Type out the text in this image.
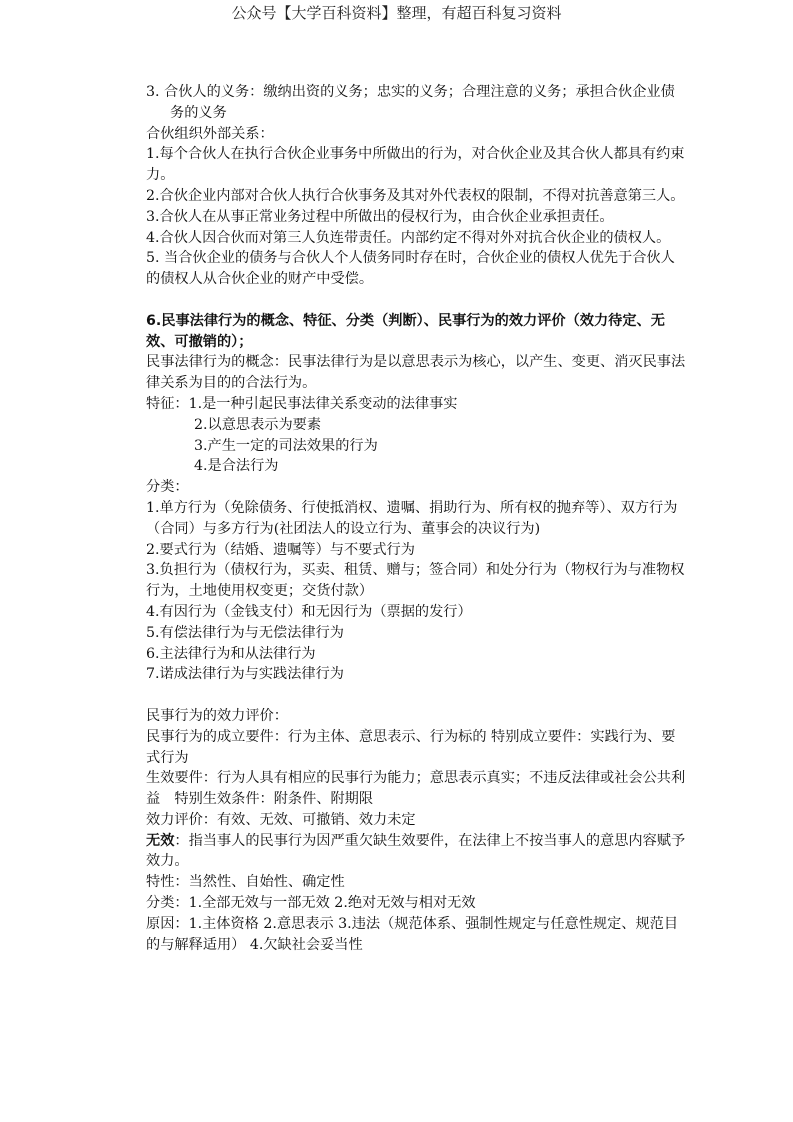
公众号【大学百科资料】整理，有超百科复习资料

3. 合伙人的义务：缴纳出资的义务；忠实的义务；合理注意的义务；承担合伙企业债务的义务

合伙组织外部关系：

1.每个合伙人在执行合伙企业事务中所做出的行为，对合伙企业及其合伙人都具有约束力。

2.合伙企业内部对合伙人执行合伙事务及其对外代表权的限制，不得对抗善意第三人。

3.合伙人在从事正常业务过程中所做出的侵权行为，由合伙企业承担责任。

4.合伙人因合伙而对第三人负连带责任。内部约定不得对外对抗合伙企业的债权人。

5. 当合伙企业的债务与合伙人个人债务同时存在时，合伙企业的债权人优先于合伙人的债权人从合伙企业的财产中受偿。

6.民事法律行为的概念、特征、分类（判断）、民事行为的效力评价（效力待定、无效、可撤销的）；

民事法律行为的概念：民事法律行为是以意思表示为核心，以产生、变更、消灭民事法律关系为目的的合法行为。

特征：1.是一种引起民事法律关系变动的法律事实

2.以意思表示为要素

3.产生一定的司法效果的行为

4.是合法行为

分类：

1.单方行为（免除债务、行使抵消权、遗嘱、捐助行为、所有权的抛弃等）、双方行为（合同）与多方行为(社团法人的设立行为、董事会的决议行为)

2.要式行为（结婚、遗嘱等）与不要式行为

3.负担行为（债权行为，买卖、租赁、赠与；签合同）和处分行为（物权行为与准物权行为，土地使用权变更；交货付款）

4.有因行为（金钱支付）和无因行为（票据的发行）

5.有偿法律行为与无偿法律行为

6.主法律行为和从法律行为

7.诺成法律行为与实践法律行为

民事行为的效力评价：

民事行为的成立要件：行为主体、意思表示、行为标的 特别成立要件：实践行为、要式行为

生效要件：行为人具有相应的民事行为能力；意思表示真实；不违反法律或社会公共利益　特别生效条件：附条件、附期限

效力评价：有效、无效、可撤销、效力未定

无效：指当事人的民事行为因严重欠缺生效要件，在法律上不按当事人的意思内容赋予效力。

特性：当然性、自始性、确定性

分类：1.全部无效与一部无效 2.绝对无效与相对无效

原因：1.主体资格 2.意思表示 3.违法（规范体系、强制性规定与任意性规定、规范目的与解释适用） 4.欠缺社会妥当性
